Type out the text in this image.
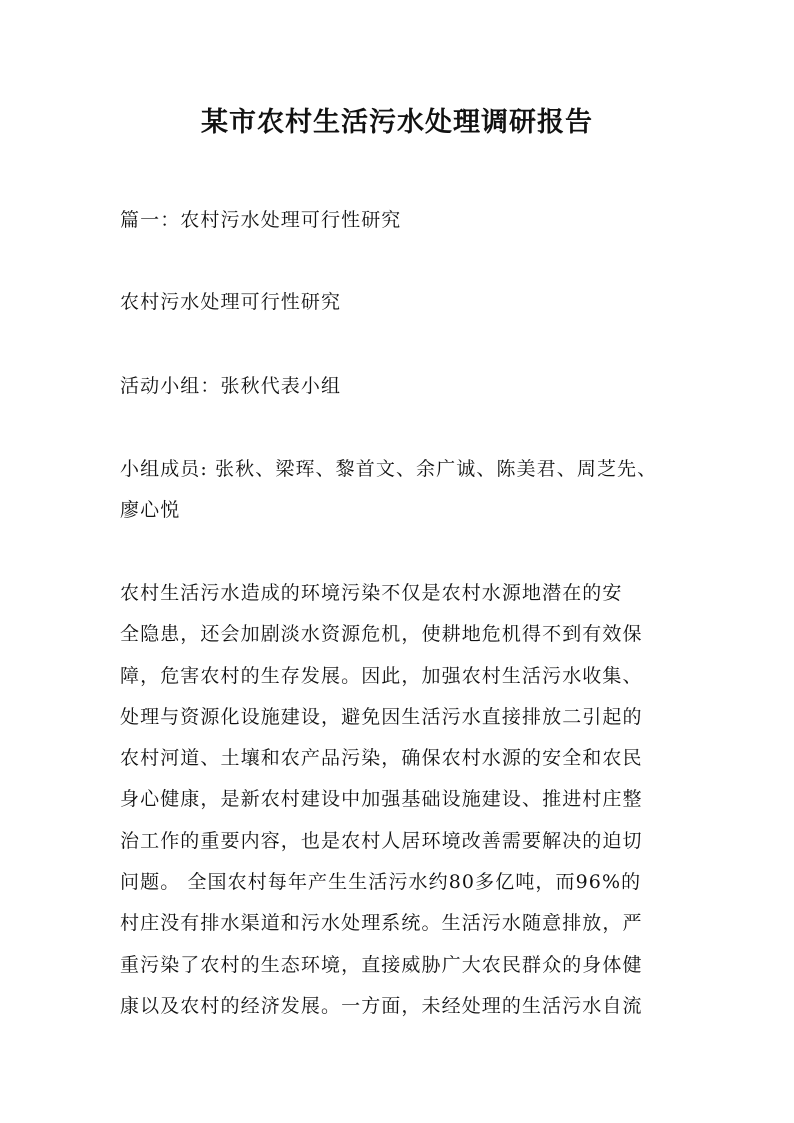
某市农村生活污水处理调研报告
篇一：农村污水处理可行性研究
农村污水处理可行性研究
活动小组：张秋代表小组
小组成员: 张秋、梁珲、黎首文、余广诚、陈美君、周芝先、
廖心悦
农村生活污水造成的环境污染不仅是农村水源地潜在的安
全隐患，还会加剧淡水资源危机，使耕地危机得不到有效保
障，危害农村的生存发展。因此，加强农村生活污水收集、
处理与资源化设施建设，避免因生活污水直接排放二引起的
农村河道、土壤和农产品污染，确保农村水源的安全和农民
身心健康，是新农村建设中加强基础设施建设、推进村庄整
治工作的重要内容，也是农村人居环境改善需要解决的迫切
问题。 全国农村每年产生生活污水约80多亿吨，而96%的
村庄没有排水渠道和污水处理系统。生活污水随意排放，严
重污染了农村的生态环境，直接威胁广大农民群众的身体健
康以及农村的经济发展。一方面，未经处理的生活污水自流
